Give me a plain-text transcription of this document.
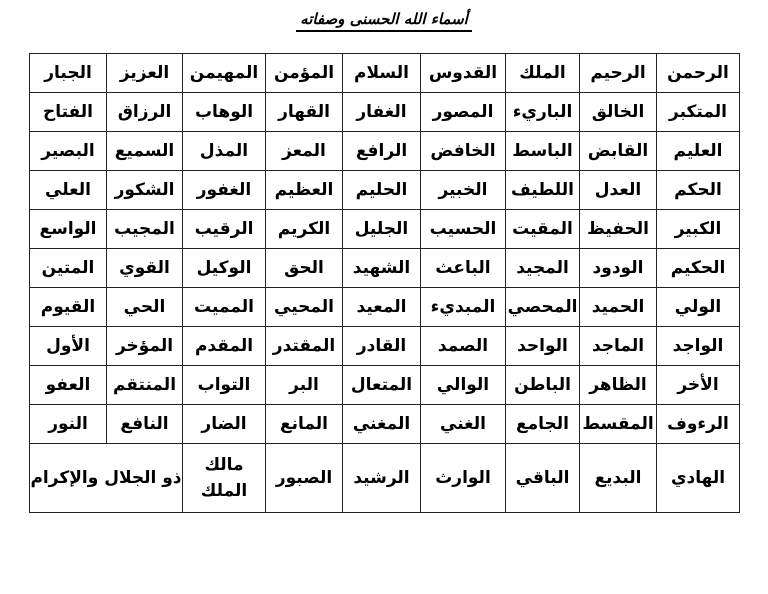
أسماء الله الحسنى وصفاته
الرحمن	الرحيم	الملك	القدوس	السلام	المؤمن	المهيمن	العزيز	الجبار
المتكبر	الخالق	الباريء	المصور	الغفار	القهار	الوهاب	الرزاق	الفتاح
العليم	القابض	الباسط	الخافض	الرافع	المعز	المذل	السميع	البصير
الحكم	العدل	اللطيف	الخبير	الحليم	العظيم	الغفور	الشكور	العلي
الكبير	الحفيظ	المقيت	الحسيب	الجليل	الكريم	الرقيب	المجيب	الواسع
الحكيم	الودود	المجيد	الباعث	الشهيد	الحق	الوكيل	القوي	المتين
الولي	الحميد	المحصي	المبديء	المعيد	المحيي	المميت	الحي	القيوم
الواجد	الماجد	الواحد	الصمد	القادر	المقتدر	المقدم	المؤخر	الأول
الأخر	الظاهر	الباطن	الوالي	المتعال	البر	التواب	المنتقم	العفو
الرءوف	المقسط	الجامع	الغني	المغني	المانع	الضار	النافع	النور
الهادي	البديع	الباقي	الوارث	الرشيد	الصبور	مالك الملك	ذو الجلال والإكرام	
